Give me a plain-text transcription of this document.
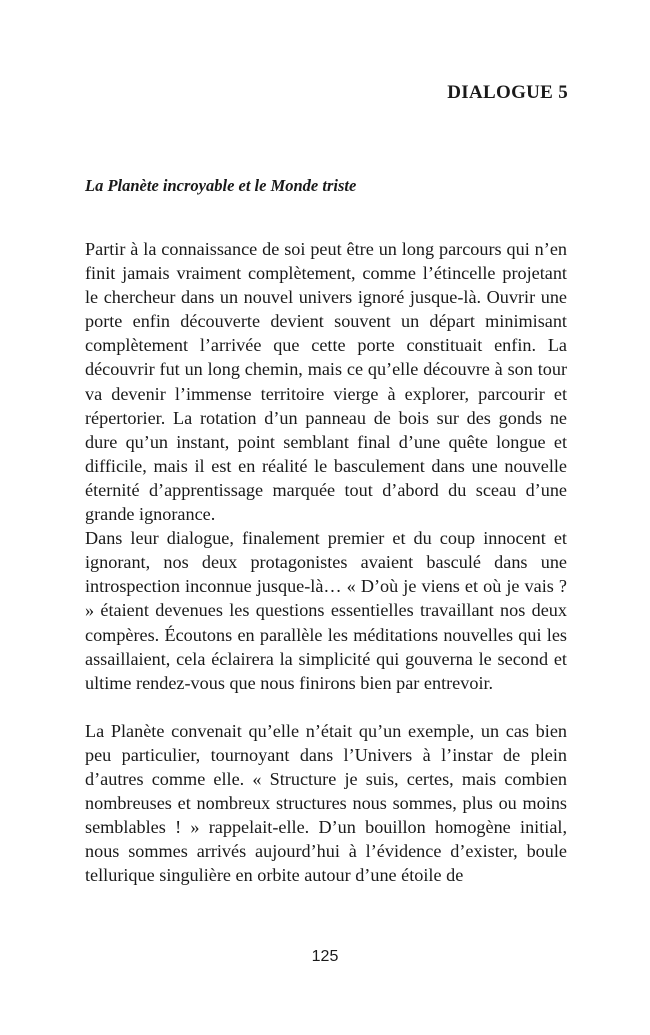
DIALOGUE 5
La Planète incroyable et le Monde triste

Partir à la connaissance de soi peut être un long parcours qui n’en finit jamais vraiment complètement, comme l’étincelle projetant le chercheur dans un nouvel univers ignoré jusque-là. Ouvrir une porte enfin découverte devient souvent un départ minimisant complètement l’arrivée que cette porte constituait enfin. La découvrir fut un long chemin, mais ce qu’elle découvre à son tour va devenir l’immense territoire vierge à explorer, parcourir et répertorier. La rotation d’un panneau de bois sur des gonds ne dure qu’un instant, point semblant final d’une quête longue et difficile, mais il est en réalité le basculement dans une nouvelle éternité d’apprentissage marquée tout d’abord du sceau d’une grande ignorance.

Dans leur dialogue, finalement premier et du coup innocent et ignorant, nos deux protagonistes avaient basculé dans une introspection inconnue jusque-là… « D’où je viens et où je vais ? » étaient devenues les questions essentielles travaillant nos deux compères. Écoutons en parallèle les méditations nouvelles qui les assaillaient, cela éclairera la simplicité qui gouverna le second et ultime rendez-vous que nous finirons bien par entrevoir.

La Planète convenait qu’elle n’était qu’un exemple, un cas bien peu particulier, tournoyant dans l’Univers à l’instar de plein d’autres comme elle. « Structure je suis, certes, mais combien nombreuses et nombreux structures nous sommes, plus ou moins semblables ! » rappelait-elle. D’un bouillon homogène initial, nous sommes arrivés aujourd’hui à l’évidence d’exister, boule tellurique singulière en orbite autour d’une étoile de

125
